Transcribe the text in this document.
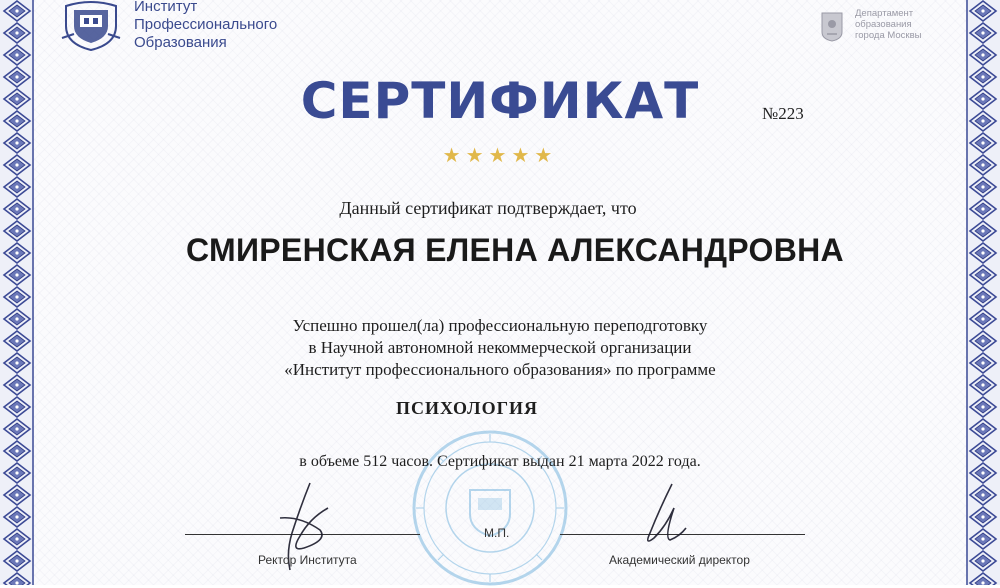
Институт
Профессионального
Образования
Департамент
образования
города Москвы
СЕРТИФИКАТ	№223
★★★★★
Данный сертификат подтверждает, что
СМИРЕНСКАЯ ЕЛЕНА АЛЕКСАНДРОВНА
Успешно прошел(ла) профессиональную переподготовку
в Научной автономной некоммерческой организации
«Институт профессионального образования» по программе
ПСИХОЛОГИЯ
в объеме 512 часов. Сертификат выдан 21 марта 2022 года.
Ректор Института
М.П.
Академический директор
